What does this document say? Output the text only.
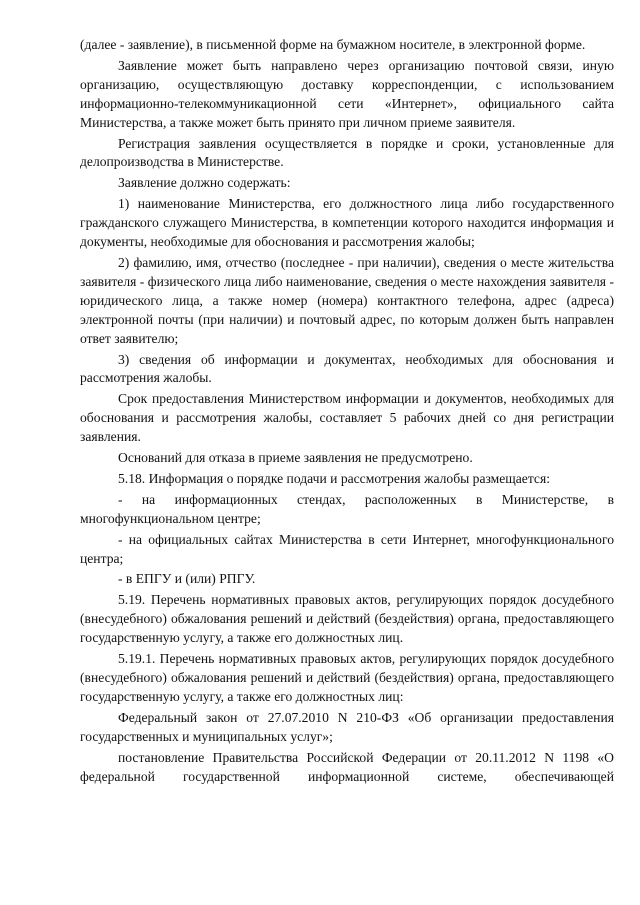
(далее - заявление), в письменной форме на бумажном носителе, в электронной форме.

Заявление может быть направлено через организацию почтовой связи, иную организацию, осуществляющую доставку корреспонденции, с использованием информационно-телекоммуникационной сети «Интернет», официального сайта Министерства, а также может быть принято при личном приеме заявителя.

Регистрация заявления осуществляется в порядке и сроки, установленные для делопроизводства в Министерстве.

Заявление должно содержать:

1) наименование Министерства, его должностного лица либо государственного гражданского служащего Министерства, в компетенции которого находится информация и документы, необходимые для обоснования и рассмотрения жалобы;

2) фамилию, имя, отчество (последнее - при наличии), сведения о месте жительства заявителя - физического лица либо наименование, сведения о месте нахождения заявителя - юридического лица, а также номер (номера) контактного телефона, адрес (адреса) электронной почты (при наличии) и почтовый адрес, по которым должен быть направлен ответ заявителю;

3) сведения об информации и документах, необходимых для обоснования и рассмотрения жалобы.

Срок предоставления Министерством информации и документов, необходимых для обоснования и рассмотрения жалобы, составляет 5 рабочих дней со дня регистрации заявления.

Оснований для отказа в приеме заявления не предусмотрено.

5.18. Информация о порядке подачи и рассмотрения жалобы размещается:

- на информационных стендах, расположенных в Министерстве, в многофункциональном центре;

- на официальных сайтах Министерства в сети Интернет, многофункционального центра;

- в ЕПГУ и (или) РПГУ.

5.19. Перечень нормативных правовых актов, регулирующих порядок досудебного (внесудебного) обжалования решений и действий (бездействия) органа, предоставляющего государственную услугу, а также его должностных лиц.

5.19.1. Перечень нормативных правовых актов, регулирующих порядок досудебного (внесудебного) обжалования решений и действий (бездействия) органа, предоставляющего государственную услугу, а также его должностных лиц:

Федеральный закон от 27.07.2010 N 210-ФЗ «Об организации предоставления государственных и муниципальных услуг»;

постановление Правительства Российской Федерации от 20.11.2012 N 1198 «О федеральной государственной информационной системе, обеспечивающей
